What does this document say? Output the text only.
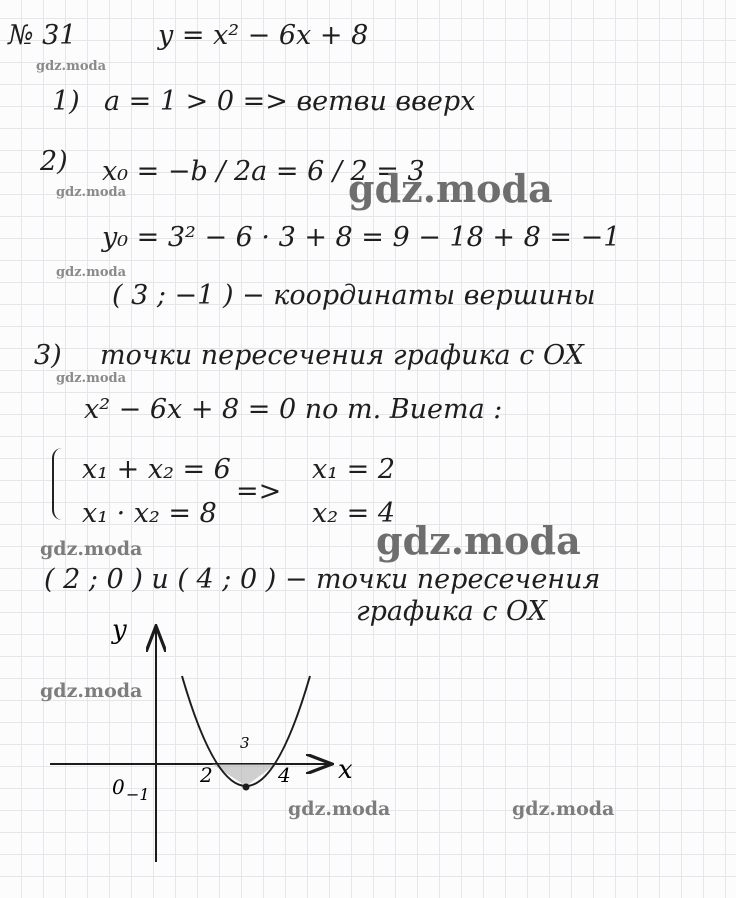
№ 31	y = x² − 6x + 8
1) a = 1 > 0 => ветви вверх
2) x₀ = −b / 2a = 6 / 2 = 3
y₀ = 3² − 6 · 3 + 8 = 9 − 18 + 8 = −1
( 3 ; −1 ) − координаты вершины
3) точки пересечения графика с OX
x² − 6x + 8 = 0 по т. Виета :
x₁ + x₂ = 6
x₁ · x₂ = 8
=>
x₁ = 2
x₂ = 4
( 2 ; 0 ) и ( 4 ; 0 ) − точки пересечения
графика с OX
y
x
0 −1
2	4
3
gdz.moda
gdz.moda	gdz.moda
gdz.moda
gdz.moda
gdz.moda
gdz.moda
gdz.moda
gdz.moda	gdz.moda
